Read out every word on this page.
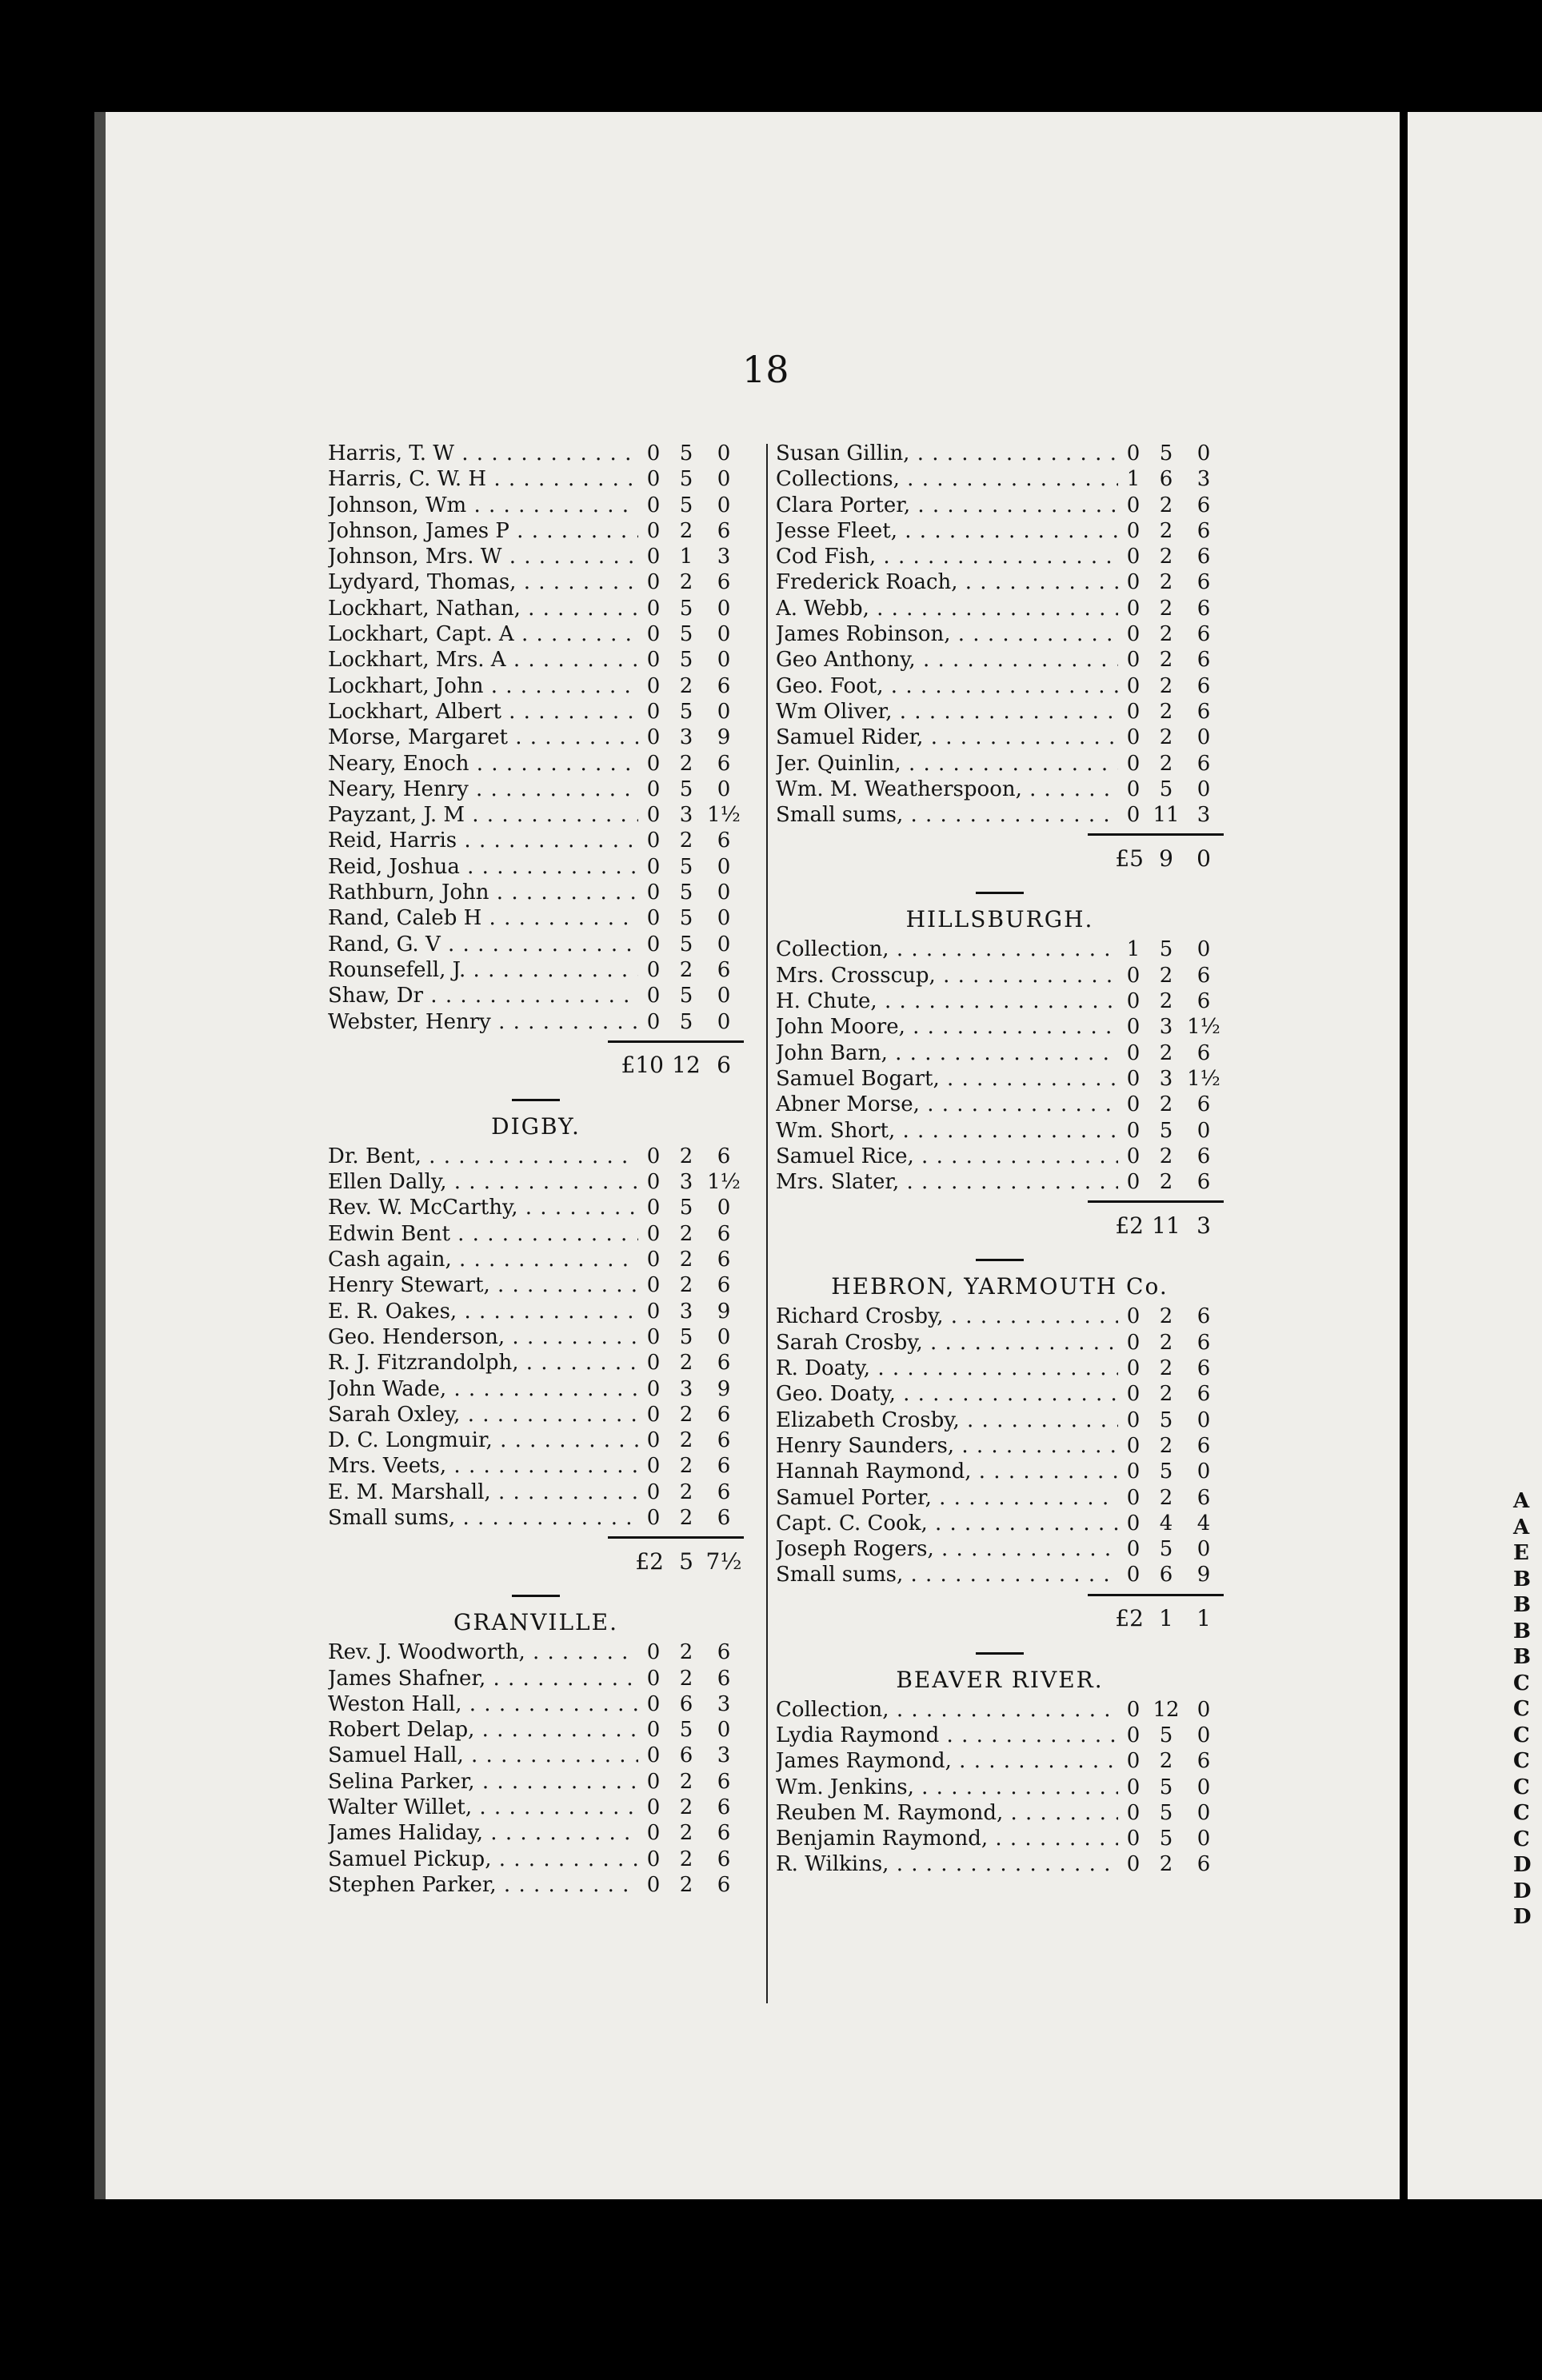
18
Harris, T. W . . .	0 5	0
Harris, C. W. H . . .	0 5	0
Johnson, Wm . . .	0 5	0
Johnson, James P . . .	0 2	6
Johnson, Mrs. W . . .	0 1	3
Lydyard, Thomas, . . .	0 2	6
Lockhart, Nathan, . . .	0 5	0
Lockhart, Capt. A . . .	0 5	0
Lockhart, Mrs. A . . .	0 5	0
Lockhart, John . . .	0 2	6
Lockhart, Albert . . .	0 5	0
Morse, Margaret . . .	0 3	9
Neary, Enoch . . .	0 2	6
Neary, Henry . . .	0 5	0
Payzant, J. M . . .	0 3 1½
Reid, Harris . . .	0 2	6
Reid, Joshua . . .	0 5	0
Rathburn, John . . .	0 5	0
Rand, Caleb H . . .	0 5	0
Rand, G. V . . .	0 5	0
Rounsefell, J. . . .	0 2	6
Shaw, Dr . . .	0 5	0
Webster, Henry . . .	0 5	0
£10 12 6
DIGBY.
Dr. Bent, . . .	0 2	6
Ellen Dally, . . .	0 3 1½
Rev. W. McCarthy, . . .	0 5	0
Edwin Bent . . .	0 2	6
Cash again, . . .	0 2	6
Henry Stewart, . . .	0 2	6
E. R. Oakes, . . .	0 3	9
Geo. Henderson, . . .	0 5	0
R. J. Fitzrandolph, . . .	0 2	6
John Wade, . . .	0 3	9
Sarah Oxley, . . .	0 2	6
D. C. Longmuir, . . .	0 2	6
Mrs. Veets, . . .	0 2	6
E. M. Marshall, . . .	0 2	6
Small sums, . . .	0 2	6
£2 5 7½
GRANVILLE.
Rev. J. Woodworth, . . .	0 2	6
James Shafner, . . .	0 2	6
Weston Hall, . . .	0 6	3
Robert Delap, . . .	0 5	0
Samuel Hall, . . .	0 6	3
Selina Parker, . . .	0 2	6
Walter Willet, . . .	0 2	6
James Haliday, . . .	0 2	6
Samuel Pickup, . . .	0 2	6
Stephen Parker, . . .	0 2	6
Susan Gillin, . . .	0 5	0
Collections, . . .	1 6	3
Clara Porter, . . .	0 2	6
Jesse Fleet, . . .	0 2	6
Cod Fish, . . .	0 2	6
Frederick Roach, . . .	0 2	6
A. Webb, . . .	0 2	6
James Robinson, . . .	0 2	6
Geo Anthony, . . .	0 2	6
Geo. Foot, . . .	0 2	6
Wm Oliver, . . .	0 2	6
Samuel Rider, . . .	0 2	0
Jer. Quinlin, . . .	0 2	6
Wm. M. Weatherspoon, . . .	0 5	0
Small sums, . . .	0 11 3
£5 9	0
HILLSBURGH.
Collection, . . .	1 5	0
Mrs. Crosscup, . . .	0 2	6
H. Chute, . . .	0 2	6
John Moore, . . .	0 3 1½
John Barn, . . .	0 2	6
Samuel Bogart, . . .	0 3 1½
Abner Morse, . . .	0 2	6
Wm. Short, . . .	0 5	0
Samuel Rice, . . .	0 2	6
Mrs. Slater, . . .	0 2	6
£2 11 3
HEBRON, YARMOUTH Co.
Richard Crosby, . . .	0 2	6
Sarah Crosby, . . .	0 2	6
R. Doaty, . . .	0 2	6
Geo. Doaty, . . .	0 2	6
Elizabeth Crosby, . . .	0 5	0
Henry Saunders, . . .	0 2	6
Hannah Raymond, . . .	0 5	0
Samuel Porter, . . .	0 2	6
Capt. C. Cook, . . .	0 4	4
Joseph Rogers, . . .	0 5	0
Small sums, . . .	0 6	9
£2 1	1
BEAVER RIVER.
Collection, . . .	0 12 0
Lydia Raymond . . .	0 5	0
James Raymond, . . .	0 2	6
Wm. Jenkins, . . .	0 5	0
Reuben M. Raymond, . . .	0 5	0
Benjamin Raymond, . . .	0 5	0
R. Wilkins, . . .	0 2	6
A
A
E
B
B
B
B
C
C
C
C
C
C
C
D
D
D
